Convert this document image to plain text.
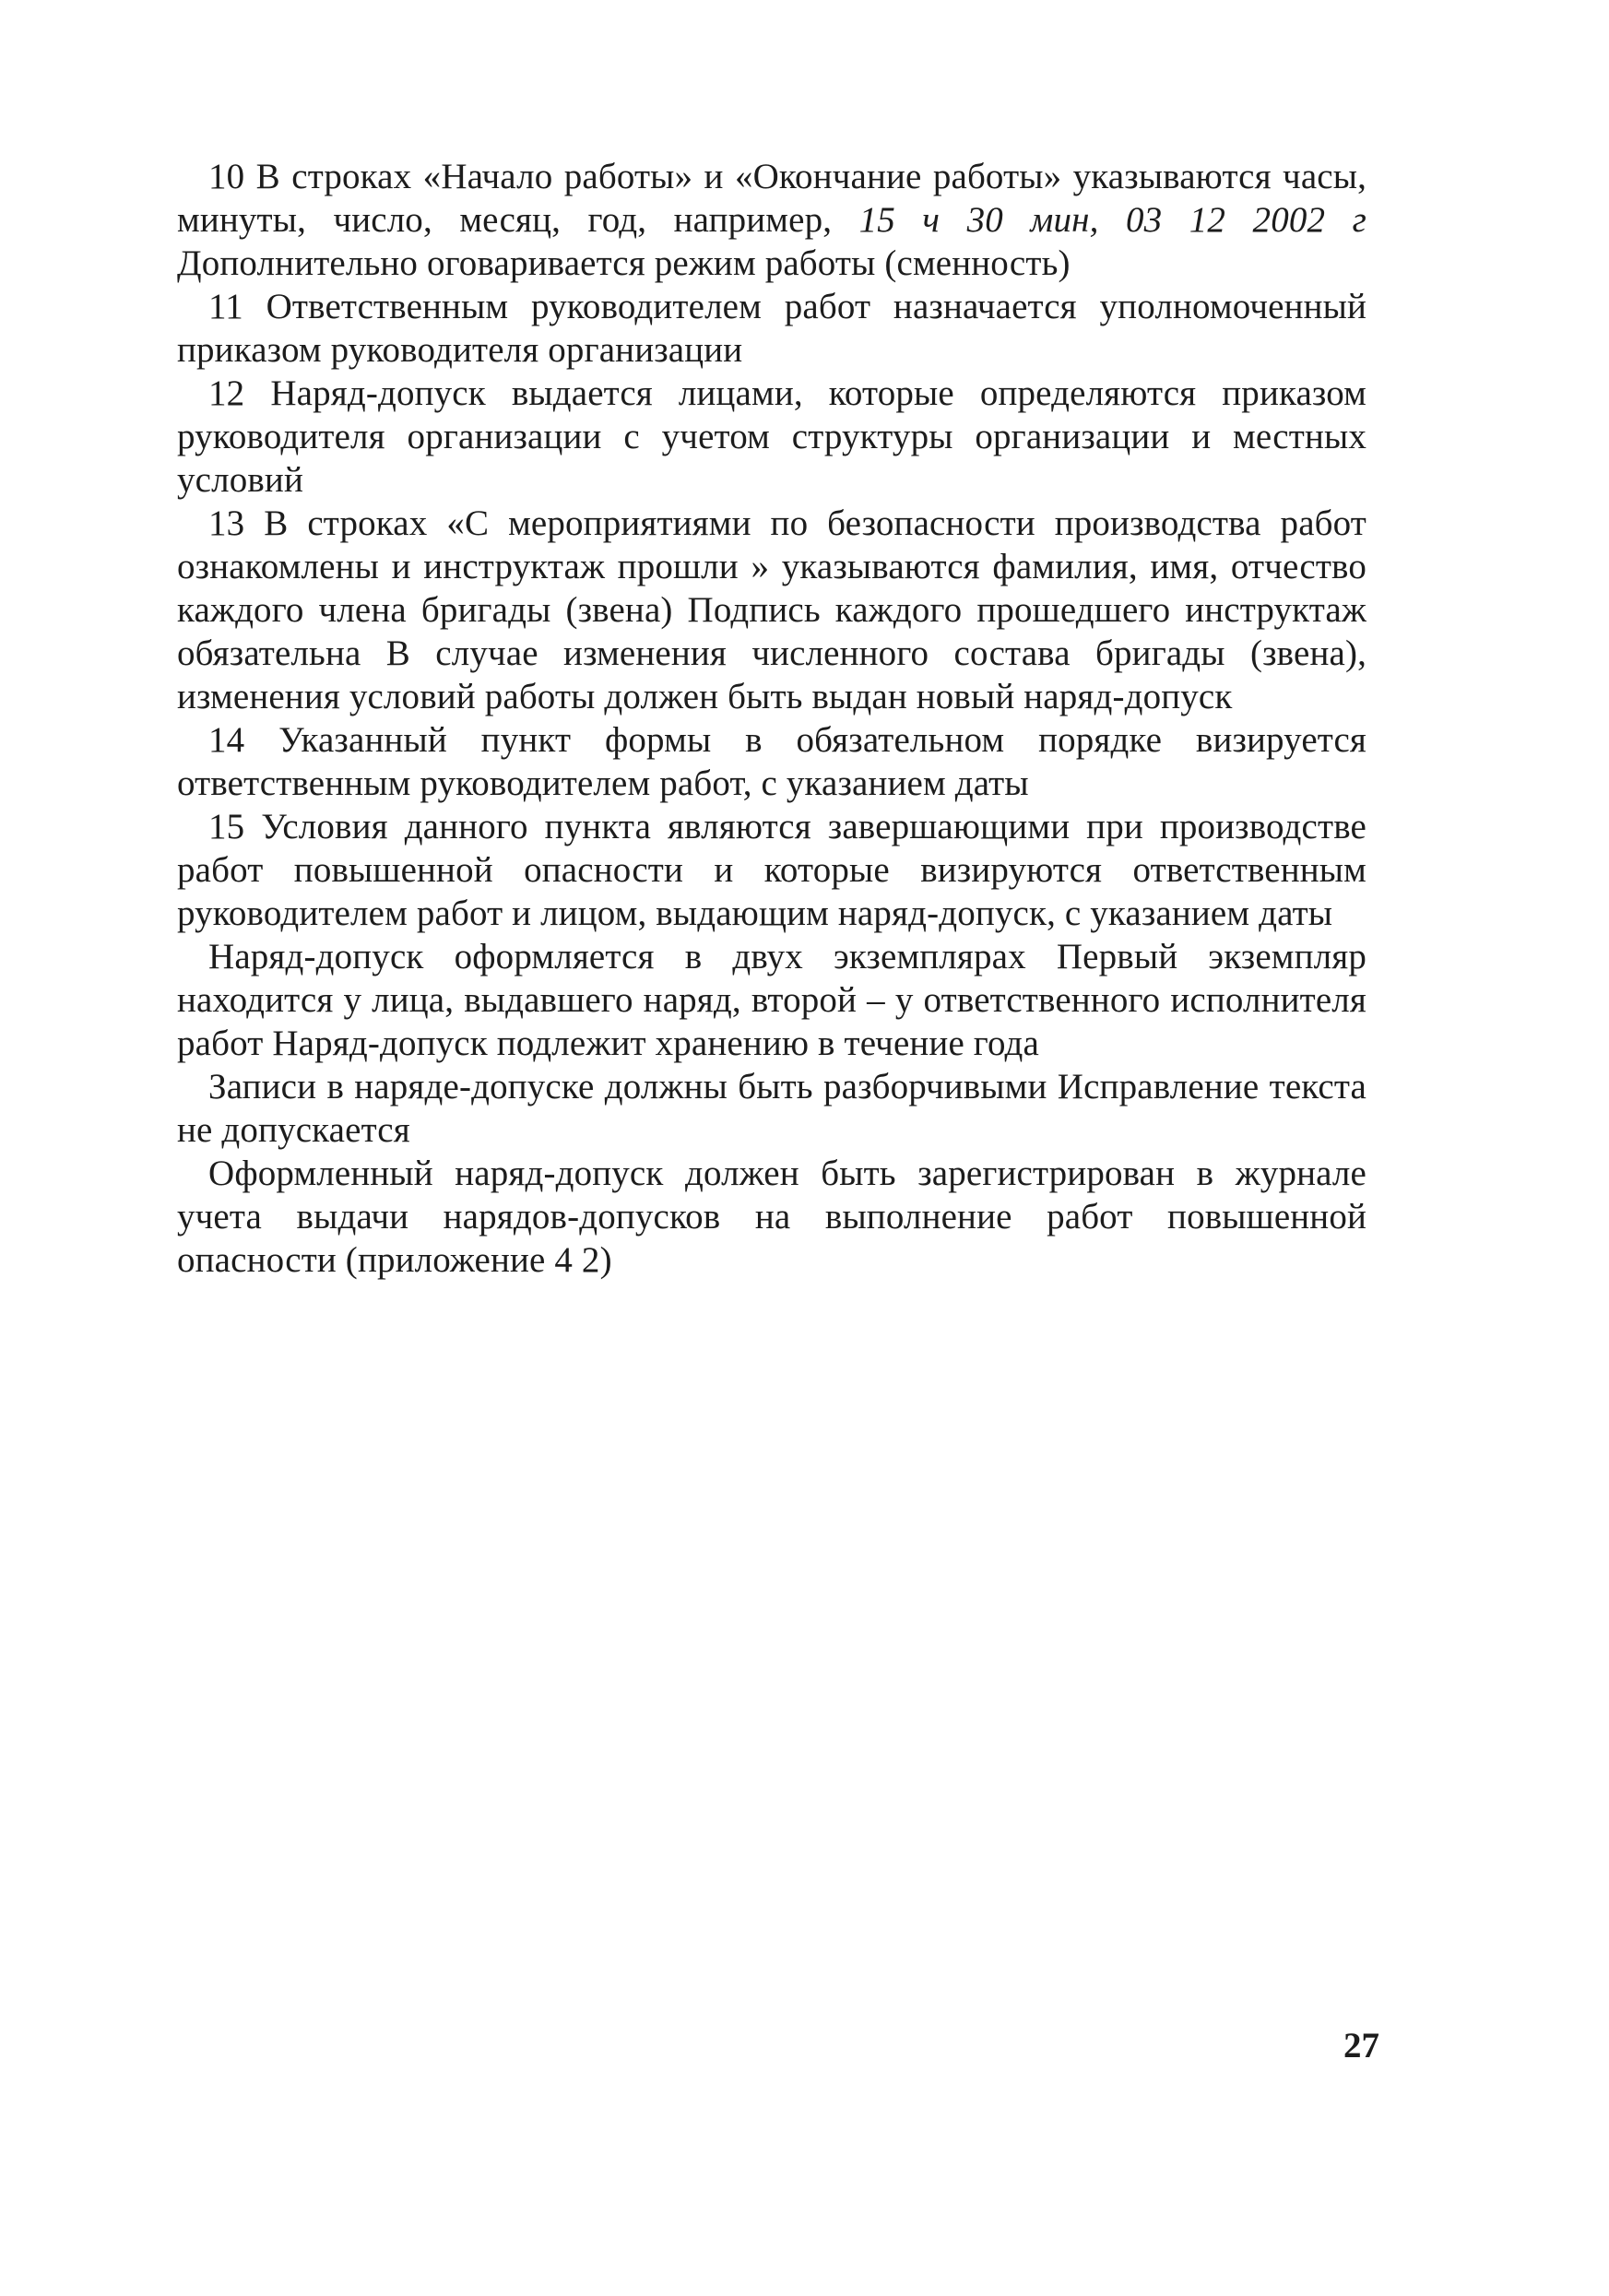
10 В строках «Начало работы» и «Окончание работы» указываются часы, минуты, число, месяц, год, например, 15 ч 30 мин, 03 12 2002 г Дополнительно оговаривается режим работы (сменность)

11 Ответственным руководителем работ назначается уполномоченный приказом руководителя организации

12 Наряд-допуск выдается лицами, которые определяются приказом руководителя организации с учетом структуры организации и местных условий

13 В строках «С мероприятиями по безопасности производства работ ознакомлены и инструктаж прошли » указываются фамилия, имя, отчество каждого члена бригады (звена) Подпись каждого прошедшего инструктаж обязательна В случае изменения численного состава бригады (звена), изменения условий работы должен быть выдан новый наряд-допуск

14 Указанный пункт формы в обязательном порядке визируется ответственным руководителем работ, с указанием даты

15 Условия данного пункта являются завершающими при производстве работ повышенной опасности и которые визируются ответственным руководителем работ и лицом, выдающим наряд-допуск, с указанием даты

Наряд-допуск оформляется в двух экземплярах Первый экземпляр находится у лица, выдавшего наряд, второй – у ответственного исполнителя работ Наряд-допуск подлежит хранению в течение года

Записи в наряде-допуске должны быть разборчивыми Исправление текста не допускается

Оформленный наряд-допуск должен быть зарегистрирован в журнале учета выдачи нарядов-допусков на выполнение работ повышенной опасности (приложение 4 2)

27
